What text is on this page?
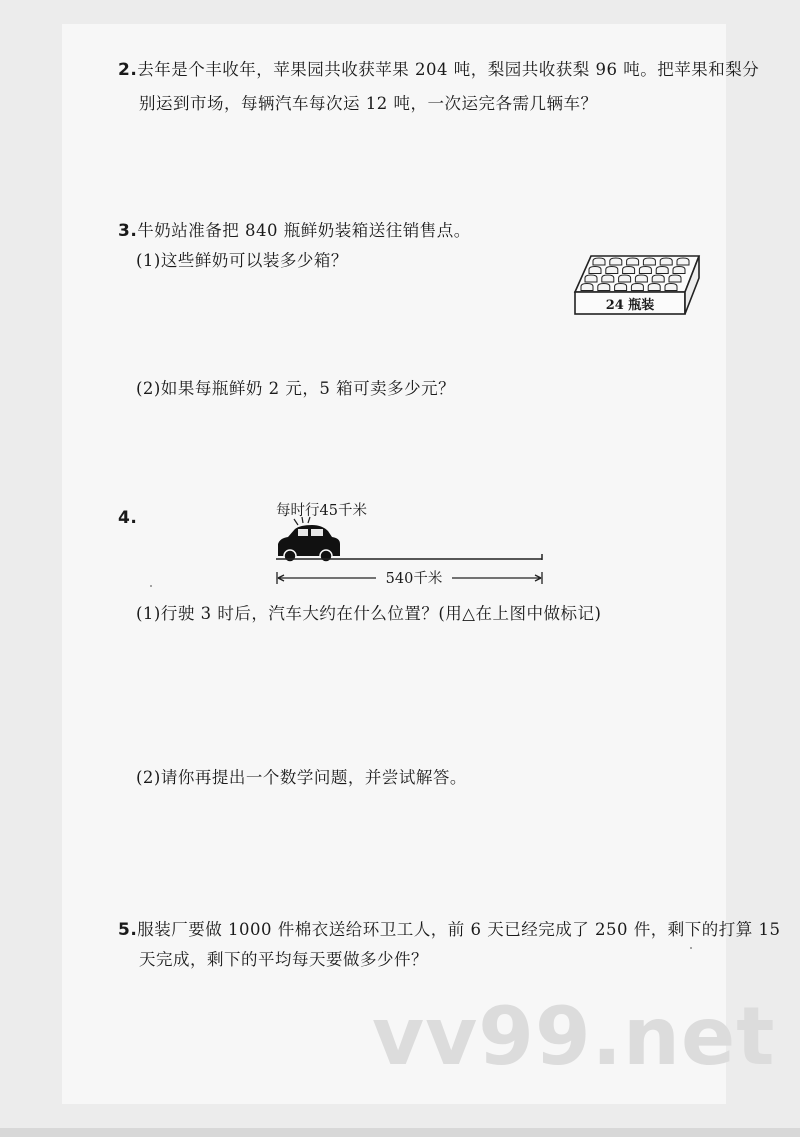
2.去年是个丰收年，苹果园共收获苹果 204 吨，梨园共收获梨 96 吨。把苹果和梨分
别运到市场，每辆汽车每次运 12 吨，一次运完各需几辆车？
3.牛奶站准备把 840 瓶鲜奶装箱送往销售点。
(1)这些鲜奶可以装多少箱？
24 瓶装
(2)如果每瓶鲜奶 2 元，5 箱可卖多少元？
4.	每时行45千米
540千米
(1)行驶 3 时后，汽车大约在什么位置？(用△在上图中做标记)
(2)请你再提出一个数学问题，并尝试解答。
5.服装厂要做 1000 件棉衣送给环卫工人，前 6 天已经完成了 250 件，剩下的打算 15
天完成，剩下的平均每天要做多少件？
vv99.net
